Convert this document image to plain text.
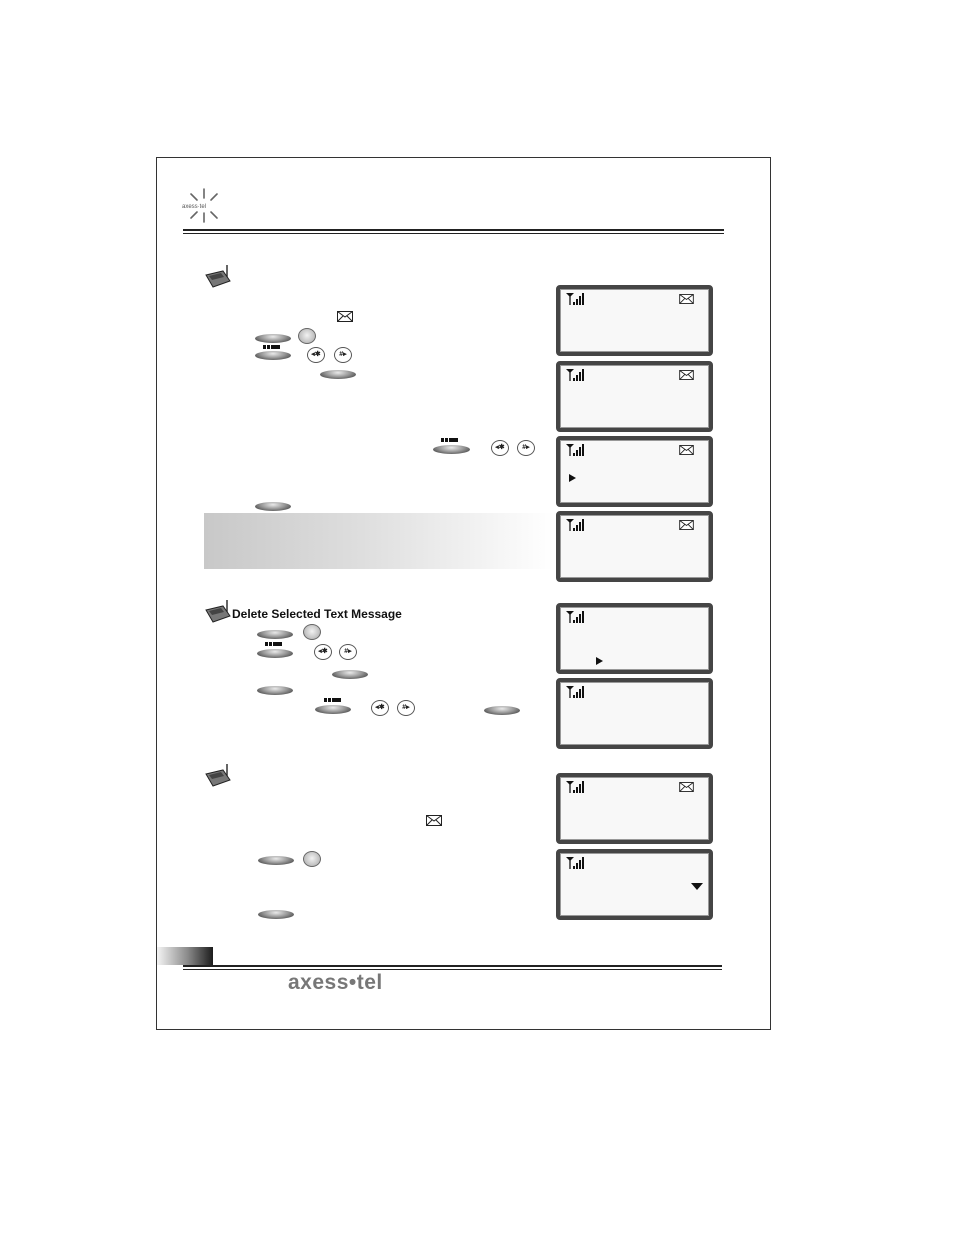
axess·tel
Delete Selected Text Message
◂✱	#▸
◂✱	#▸
◂✱	#▸
◂✱	#▸
axess•tel
